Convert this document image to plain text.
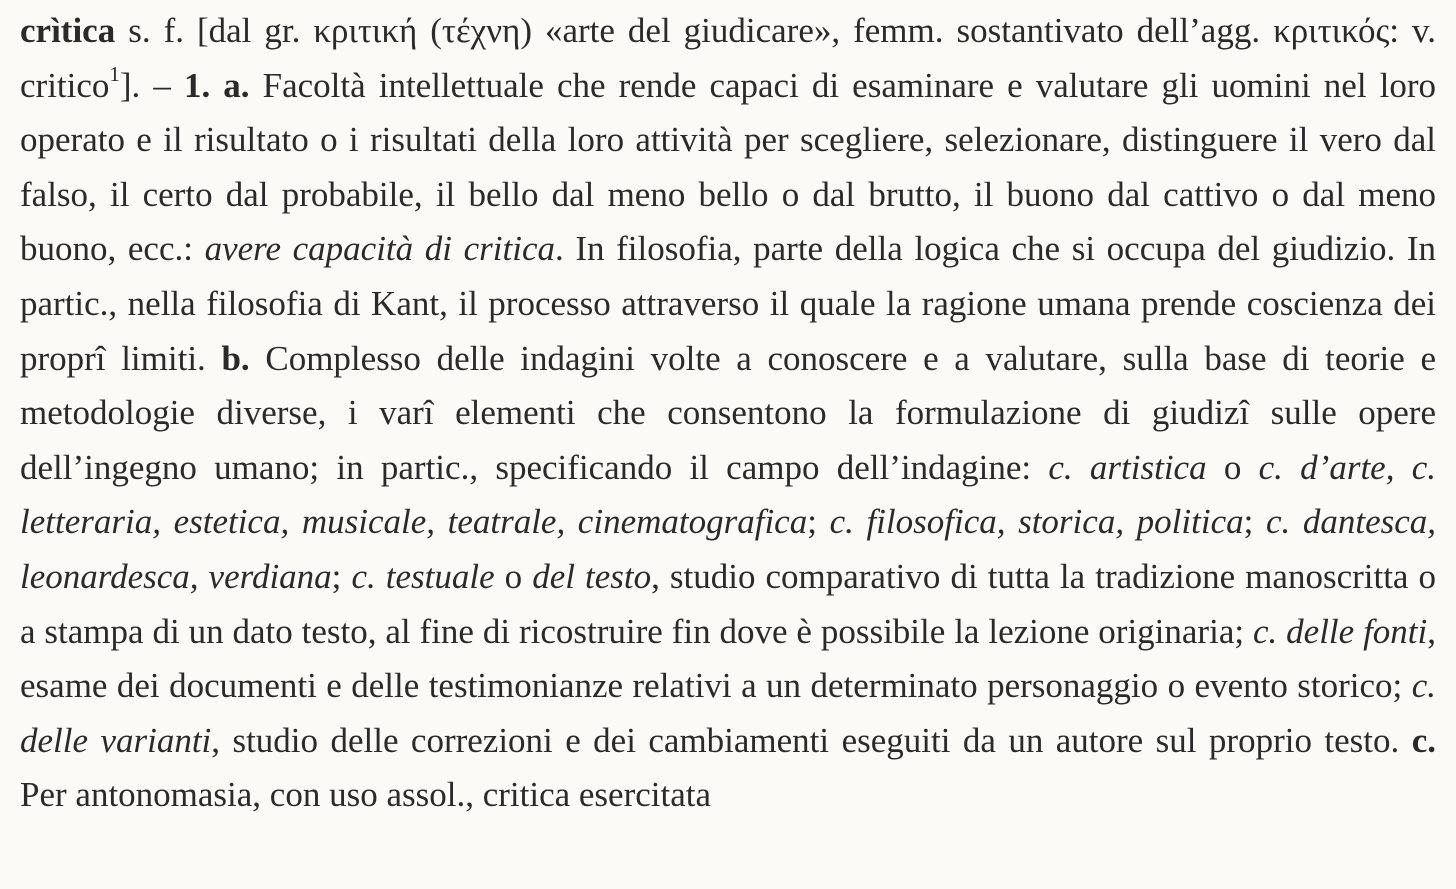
crìtica s. f. [dal gr. κριτική (τέχνη) «arte del giudicare», femm. sostantivato dell’agg. κριτικός: v. critico$^1$]. – 1. a. Facoltà intellettuale che rende capaci di esaminare e valutare gli uomini nel loro operato e il risultato o i risultati della loro attività per scegliere, selezionare, distinguere il vero dal falso, il certo dal probabile, il bello dal meno bello o dal brutto, il buono dal cattivo o dal meno buono, ecc.: avere capacità di critica. In filosofia, parte della logica che si occupa del giudizio. In partic., nella filosofia di Kant, il processo attraverso il quale la ragione umana prende coscienza dei proprî limiti. b. Complesso delle indagini volte a conoscere e a valutare, sulla base di teorie e metodologie diverse, i varî elementi che consentono la formulazione di giudizî sulle opere dell’ingegno umano; in partic., specificando il campo dell’indagine: c. artistica o c. d’arte, c. letteraria, estetica, musicale, teatrale, cinematografica; c. filosofica, storica, politica; c. dantesca, leonardesca, verdiana; c. testuale o del testo, studio comparativo di tutta la tradizione manoscritta o a stampa di un dato testo, al fine di ricostruire fin dove è possibile la lezione originaria; c. delle fonti, esame dei documenti e delle testimonianze relativi a un determinato personaggio o evento storico; c. delle varianti, studio delle correzioni e dei cambiamenti eseguiti da un autore sul proprio testo. c. Per antonomasia, con uso assol., critica esercitata
